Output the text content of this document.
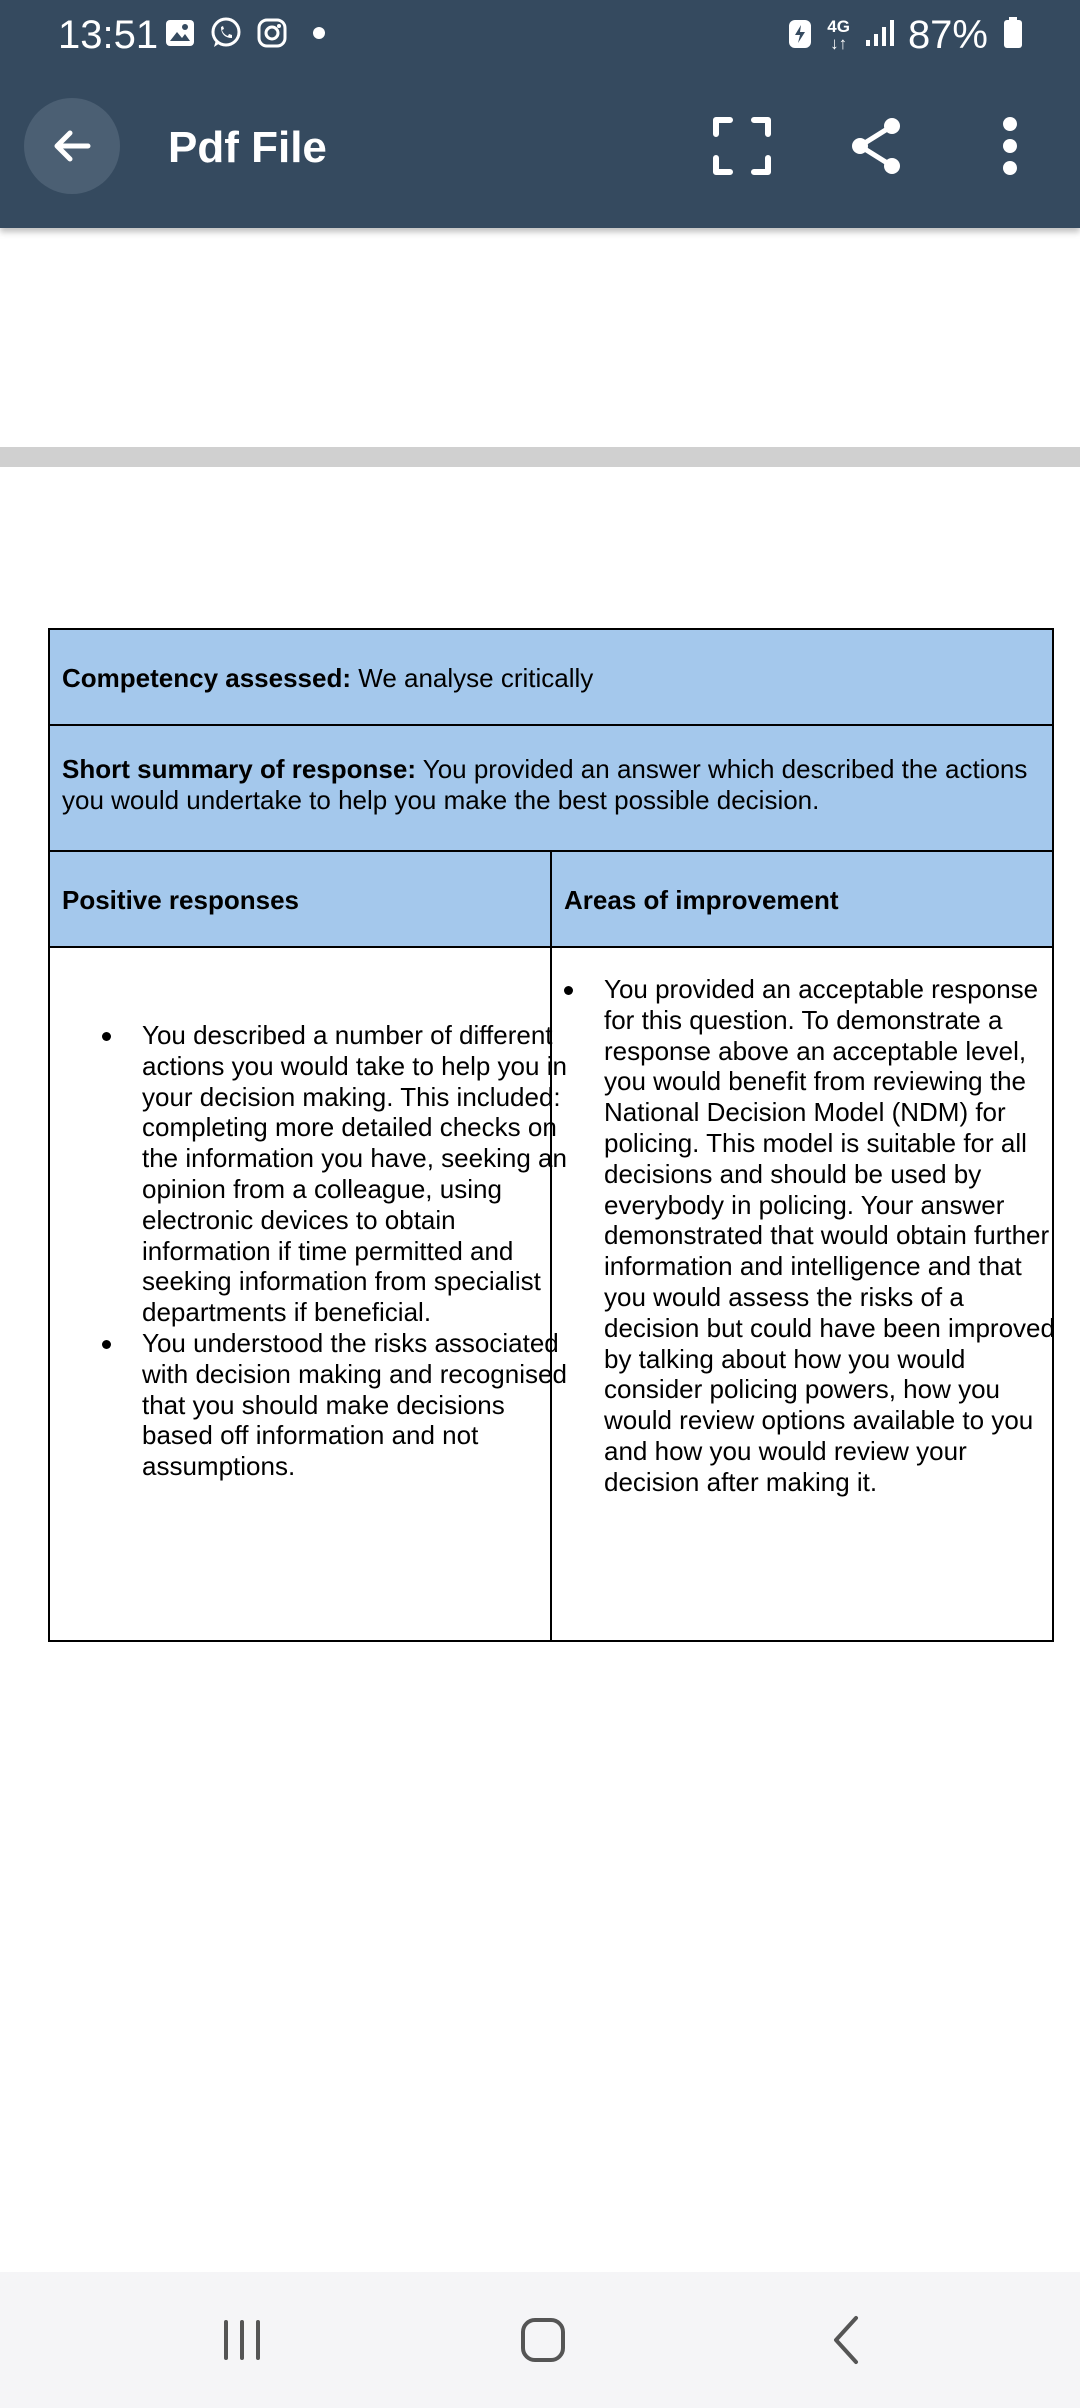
13:51	4G
↓↑ 87%
Pdf File
Competency assessed: We analyse critically
Short summary of response: You provided an answer which described the actions you would undertake to help you make the best possible decision.
Positive responses	Areas of improvement
You described a number of different actions you would take to help you in your decision making. This included: completing more detailed checks on the information you have, seeking an opinion from a colleague, using electronic devices to obtain information if time permitted and seeking information from specialist departments if beneficial.
You understood the risks associated with decision making and recognised that you should make decisions based off information and not assumptions.
You provided an acceptable response for this question. To demonstrate a response above an acceptable level, you would benefit from reviewing the National Decision Model (NDM) for policing. This model is suitable for all decisions and should be used by everybody in policing. Your answer demonstrated that would obtain further information and intelligence and that you would assess the risks of a decision but could have been improved by talking about how you would consider policing powers, how you would review options available to you and how you would review your decision after making it.
